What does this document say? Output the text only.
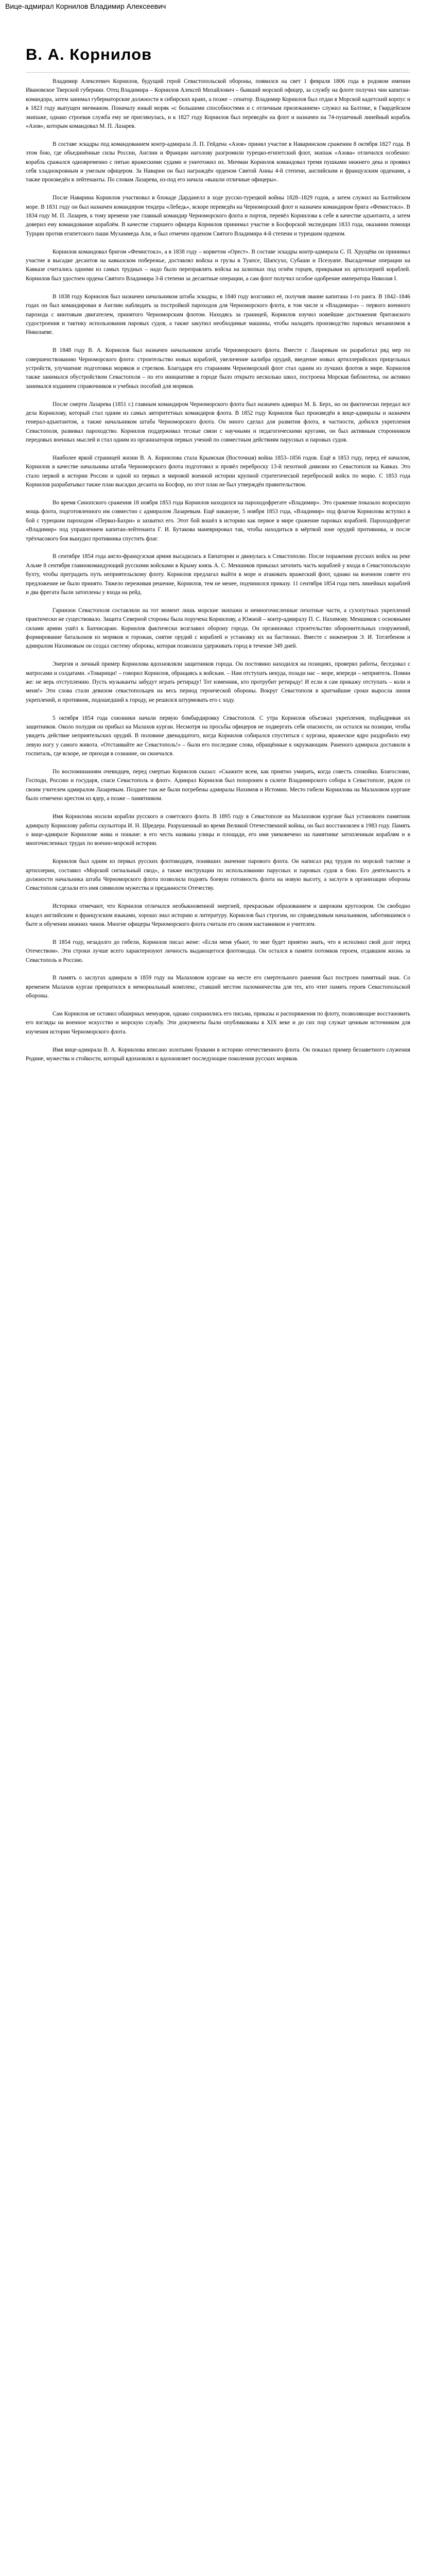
Вице-адмирал Корнилов Владимир Алексеевич
В. А. Корнилов

Владимир Алексеевич Корнилов, будущий герой Севастопольской обороны, появился на свет 1 февраля 1806 года в родовом имении Ивановское Тверской губернии. Отец Владимира – Корнилов Алексей Михайлович – бывший морской офицер, за службу на флоте получил чин капитан-командора, затем занимал губернаторские должности в сибирских краях, а позже – сенатор. Владимир Корнилов был отдан в Морской кадетский корпус и в 1823 году выпущен мичманом. Поначалу юный моряк «с большими способностями и с отличным прилежанием» служил на Балтике, в Гвардейском экипаже, однако строевая служба ему не приглянулась, и к 1827 году Корнилов был переведён на флот и назначен на 74-пушечный линейный корабль «Азов», которым командовал М. П. Лазарев.

В составе эскадры под командованием контр-адмирала Л. П. Гейдена «Азов» принял участие в Наваринском сражении 8 октября 1827 года. В этом бою, где объединённые силы России, Англии и Франции наголову разгромили турецко-египетский флот, экипаж «Азова» отличился особенно: корабль сражался одновременно с пятью вражескими судами и уничтожил их. Мичман Корнилов командовал тремя пушками нижнего дека и проявил себя хладнокровным и умелым офицером. За Наварин он был награждён орденом Святой Анны 4-й степени, английским и французским орденами, а также произведён в лейтенанты. По словам Лазарева, из-под его начала «вышли отличные офицеры».

После Наварина Корнилов участвовал в блокаде Дарданелл в ходе русско-турецкой войны 1828–1829 годов, а затем служил на Балтийском море. В 1831 году он был назначен командиром тендера «Лебедь», вскоре переведён на Черноморский флот и назначен командиром брига «Фемистокл». В 1834 году М. П. Лазарев, к тому времени уже главный командир Черноморского флота и портов, перевёл Корнилова к себе в качестве адъютанта, а затем доверил ему командование кораблём. В качестве старшего офицера Корнилов принимал участие в Босфорской экспедиции 1833 года, оказании помощи Турции против египетского паши Мухаммеда Али, и был отмечен орденом Святого Владимира 4-й степени и турецким орденом.

Корнилов командовал бригом «Фемистокл», а в 1838 году – корветом «Орест». В составе эскадры контр-адмирала С. П. Хрущёва он принимал участие в высадке десантов на кавказском побережье, доставлял войска и грузы в Туапсе, Шапсухо, Субаши и Псезуапе. Высадочные операции на Кавказе считались одними из самых трудных – надо было переправлять войска на шлюпках под огнём горцев, прикрывая их артиллерией кораблей. Корнилов был удостоен ордена Святого Владимира 3-й степени за десантные операции, а сам флот получил особое одобрение императора Николая I.

В 1838 году Корнилов был назначен начальником штаба эскадры, в 1840 году возглавил её, получив звание капитана 1-го ранга. В 1842–1846 годах он был командирован в Англию наблюдать за постройкой пароходов для Черноморского флота, в том числе и «Владимира» – первого военного парохода с винтовым двигателем, принятого Черноморским флотом. Находясь за границей, Корнилов изучил новейшие достижения британского судостроения и тактику использования паровых судов, а также закупил необходимые машины, чтобы наладить производство паровых механизмов в Николаеве.

В 1848 году В. А. Корнилов был назначен начальником штаба Черноморского флота. Вместе с Лазаревым он разработал ряд мер по совершенствованию Черноморского флота: строительство новых кораблей, увеличение калибра орудий, введение новых артиллерийских прицельных устройств, улучшение подготовки моряков и стрелков. Благодаря его стараниям Черноморский флот стал одним из лучших флотов в мире. Корнилов также занимался обустройством Севастополя – по его инициативе в городе было открыто несколько школ, построена Морская библиотека, он активно занимался изданием справочников и учебных пособий для моряков.

После смерти Лазарева (1851 г.) главным командиром Черноморского флота был назначен адмирал М. Б. Берх, но он фактически передал все дела Корнилову, который стал одним из самых авторитетных командиров флота. В 1852 году Корнилов был произведён в вице-адмиралы и назначен генерал-адъютантом, а также начальником штаба Черноморского флота. Он много сделал для развития флота, в частности, добился укрепления Севастополя, развивал пароходство. Корнилов поддерживал тесные связи с научными и педагогическими кругами, он был активным сторонником передовых военных мыслей и стал одним из организаторов первых учений по совместным действиям парусных и паровых судов.

Наиболее яркой страницей жизни В. А. Корнилова стала Крымская (Восточная) война 1853–1856 годов. Ещё в 1853 году, перед её началом, Корнилов в качестве начальника штаба Черноморского флота подготовил и провёл переброску 13-й пехотной дивизии из Севастополя на Кавказ. Это стало первой в истории России и одной из первых в мировой военной истории крупной стратегической переброской войск по морю. С 1853 года Корнилов разрабатывал также план высадки десанта на Босфор, но этот план не был утверждён правительством.

Во время Синопского сражения 18 ноября 1853 года Корнилов находился на пароходофрегате «Владимир». Это сражение показало возросшую мощь флота, подготовленного им совместно с адмиралом Лазаревым. Ещё накануне, 5 ноября 1853 года, «Владимир» под флагом Корнилова вступил в бой с турецким пароходом «Перваз-Бахри» и захватил его. Этот бой вошёл в историю как первое в мире сражение паровых кораблей. Пароходофрегат «Владимир» под управлением капитан-лейтенанта Г. И. Бутакова маневрировал так, чтобы находиться в мёртвой зоне орудий противника, и после трёхчасового боя вынудил противника спустить флаг.

В сентябре 1854 года англо-французская армия высадилась в Евпатории и двинулась к Севастополю. После поражения русских войск на реке Альме 8 сентября главнокомандующий русскими войсками в Крыму князь А. С. Меншиков приказал затопить часть кораблей у входа в Севастопольскую бухту, чтобы преградить путь неприятельскому флоту. Корнилов предлагал выйти в море и атаковать вражеский флот, однако на военном совете его предложение не было принято. Тяжело переживая решение, Корнилов, тем не менее, подчинился приказу. 11 сентября 1854 года пять линейных кораблей и два фрегата были затоплены у входа на рейд.

Гарнизон Севастополя составляли на тот момент лишь морские экипажи и немногочисленные пехотные части, а сухопутных укреплений практически не существовало. Защита Северной стороны была поручена Корнилову, а Южной – контр-адмиралу П. С. Нахимову. Меншиков с основными силами армии ушёл к Бахчисараю. Корнилов фактически возглавил оборону города. Он организовал строительство оборонительных сооружений, формирование батальонов из моряков и горожан, снятие орудий с кораблей и установку их на бастионах. Вместе с инженером Э. И. Тотлебеном и адмиралом Нахимовым он создал систему обороны, которая позволила удерживать город в течение 349 дней.

Энергия и личный пример Корнилова вдохновляли защитников города. Он постоянно находился на позициях, проверял работы, беседовал с матросами и солдатами. «Товарищи! – говорил Корнилов, обращаясь к войскам. – Нам отступать некуда, позади нас – море, впереди – неприятель. Помни же: не верь отступлению. Пусть музыканты забудут играть ретираду! Тот изменник, кто протрубит ретираду! И если я сам прикажу отступать – коли и меня!» Эти слова стали девизом севастопольцев на весь период героической обороны. Вокруг Севастополя в кратчайшие сроки выросла линия укреплений, и противник, подошедший к городу, не решился штурмовать его с ходу.

5 октября 1854 года союзники начали первую бомбардировку Севастополя. С утра Корнилов объезжал укрепления, подбадривая их защитников. Около полудня он прибыл на Малахов курган. Несмотря на просьбы офицеров не подвергать себя опасности, он остался на позиции, чтобы увидеть действие неприятельских орудий. В половине двенадцатого, когда Корнилов собирался спуститься с кургана, вражеское ядро раздробило ему левую ногу у самого живота. «Отстаивайте же Севастополь!» – были его последние слова, обращённые к окружающим. Раненого адмирала доставили в госпиталь, где вскоре, не приходя в сознание, он скончался.

По воспоминаниям очевидцев, перед смертью Корнилов сказал: «Скажите всем, как приятно умирать, когда совесть спокойна. Благослови, Господи, Россию и государя, спаси Севастополь и флот». Адмирал Корнилов был похоронен в склепе Владимирского собора в Севастополе, рядом со своим учителем адмиралом Лазаревым. Позднее там же были погребены адмиралы Нахимов и Истомин. Место гибели Корнилова на Малаховом кургане было отмечено крестом из ядер, а позже – памятником.

Имя Корнилова носили корабли русского и советского флота. В 1895 году в Севастополе на Малаховом кургане был установлен памятник адмиралу Корнилову работы скульптора И. Н. Шредера. Разрушенный во время Великой Отечественной войны, он был восстановлен в 1983 году. Память о вице-адмирале Корнилове жива и поныне: в его честь названы улицы и площади, его имя увековечено на памятнике затопленным кораблям и в многочисленных трудах по военно-морской истории.

Корнилов был одним из первых русских флотоводцев, понявших значение парового флота. Он написал ряд трудов по морской тактике и артиллерии, составил «Морской сигнальный свод», а также инструкции по использованию парусных и паровых судов в бою. Его деятельность в должности начальника штаба Черноморского флота позволила поднять боевую готовность флота на новую высоту, а заслуги в организации обороны Севастополя сделали его имя символом мужества и преданности Отечеству.

Историки отмечают, что Корнилов отличался необыкновенной энергией, прекрасным образованием и широким кругозором. Он свободно владел английским и французским языками, хорошо знал историю и литературу. Корнилов был строгим, но справедливым начальником, заботившимся о быте и обучении нижних чинов. Многие офицеры Черноморского флота считали его своим наставником и учителем.

В 1854 году, незадолго до гибели, Корнилов писал жене: «Если меня убьют, то мне будет приятно знать, что я исполнил свой долг перед Отечеством». Эти строки лучше всего характеризуют личность выдающегося флотоводца. Он остался в памяти потомков героем, отдавшим жизнь за Севастополь и Россию.

В память о заслугах адмирала в 1859 году на Малаховом кургане на месте его смертельного ранения был построен памятный знак. Со временем Малахов курган превратился в мемориальный комплекс, ставший местом паломничества для тех, кто чтит память героев Севастопольской обороны.

Сам Корнилов не оставил обширных мемуаров, однако сохранились его письма, приказы и распоряжения по флоту, позволяющие восстановить его взгляды на военное искусство и морскую службу. Эти документы были опубликованы в XIX веке и до сих пор служат ценным источником для изучения истории Черноморского флота.

Имя вице-адмирала В. А. Корнилова вписано золотыми буквами в историю отечественного флота. Он показал пример беззаветного служения Родине, мужества и стойкости, который вдохновлял и вдохновляет последующие поколения русских моряков.
